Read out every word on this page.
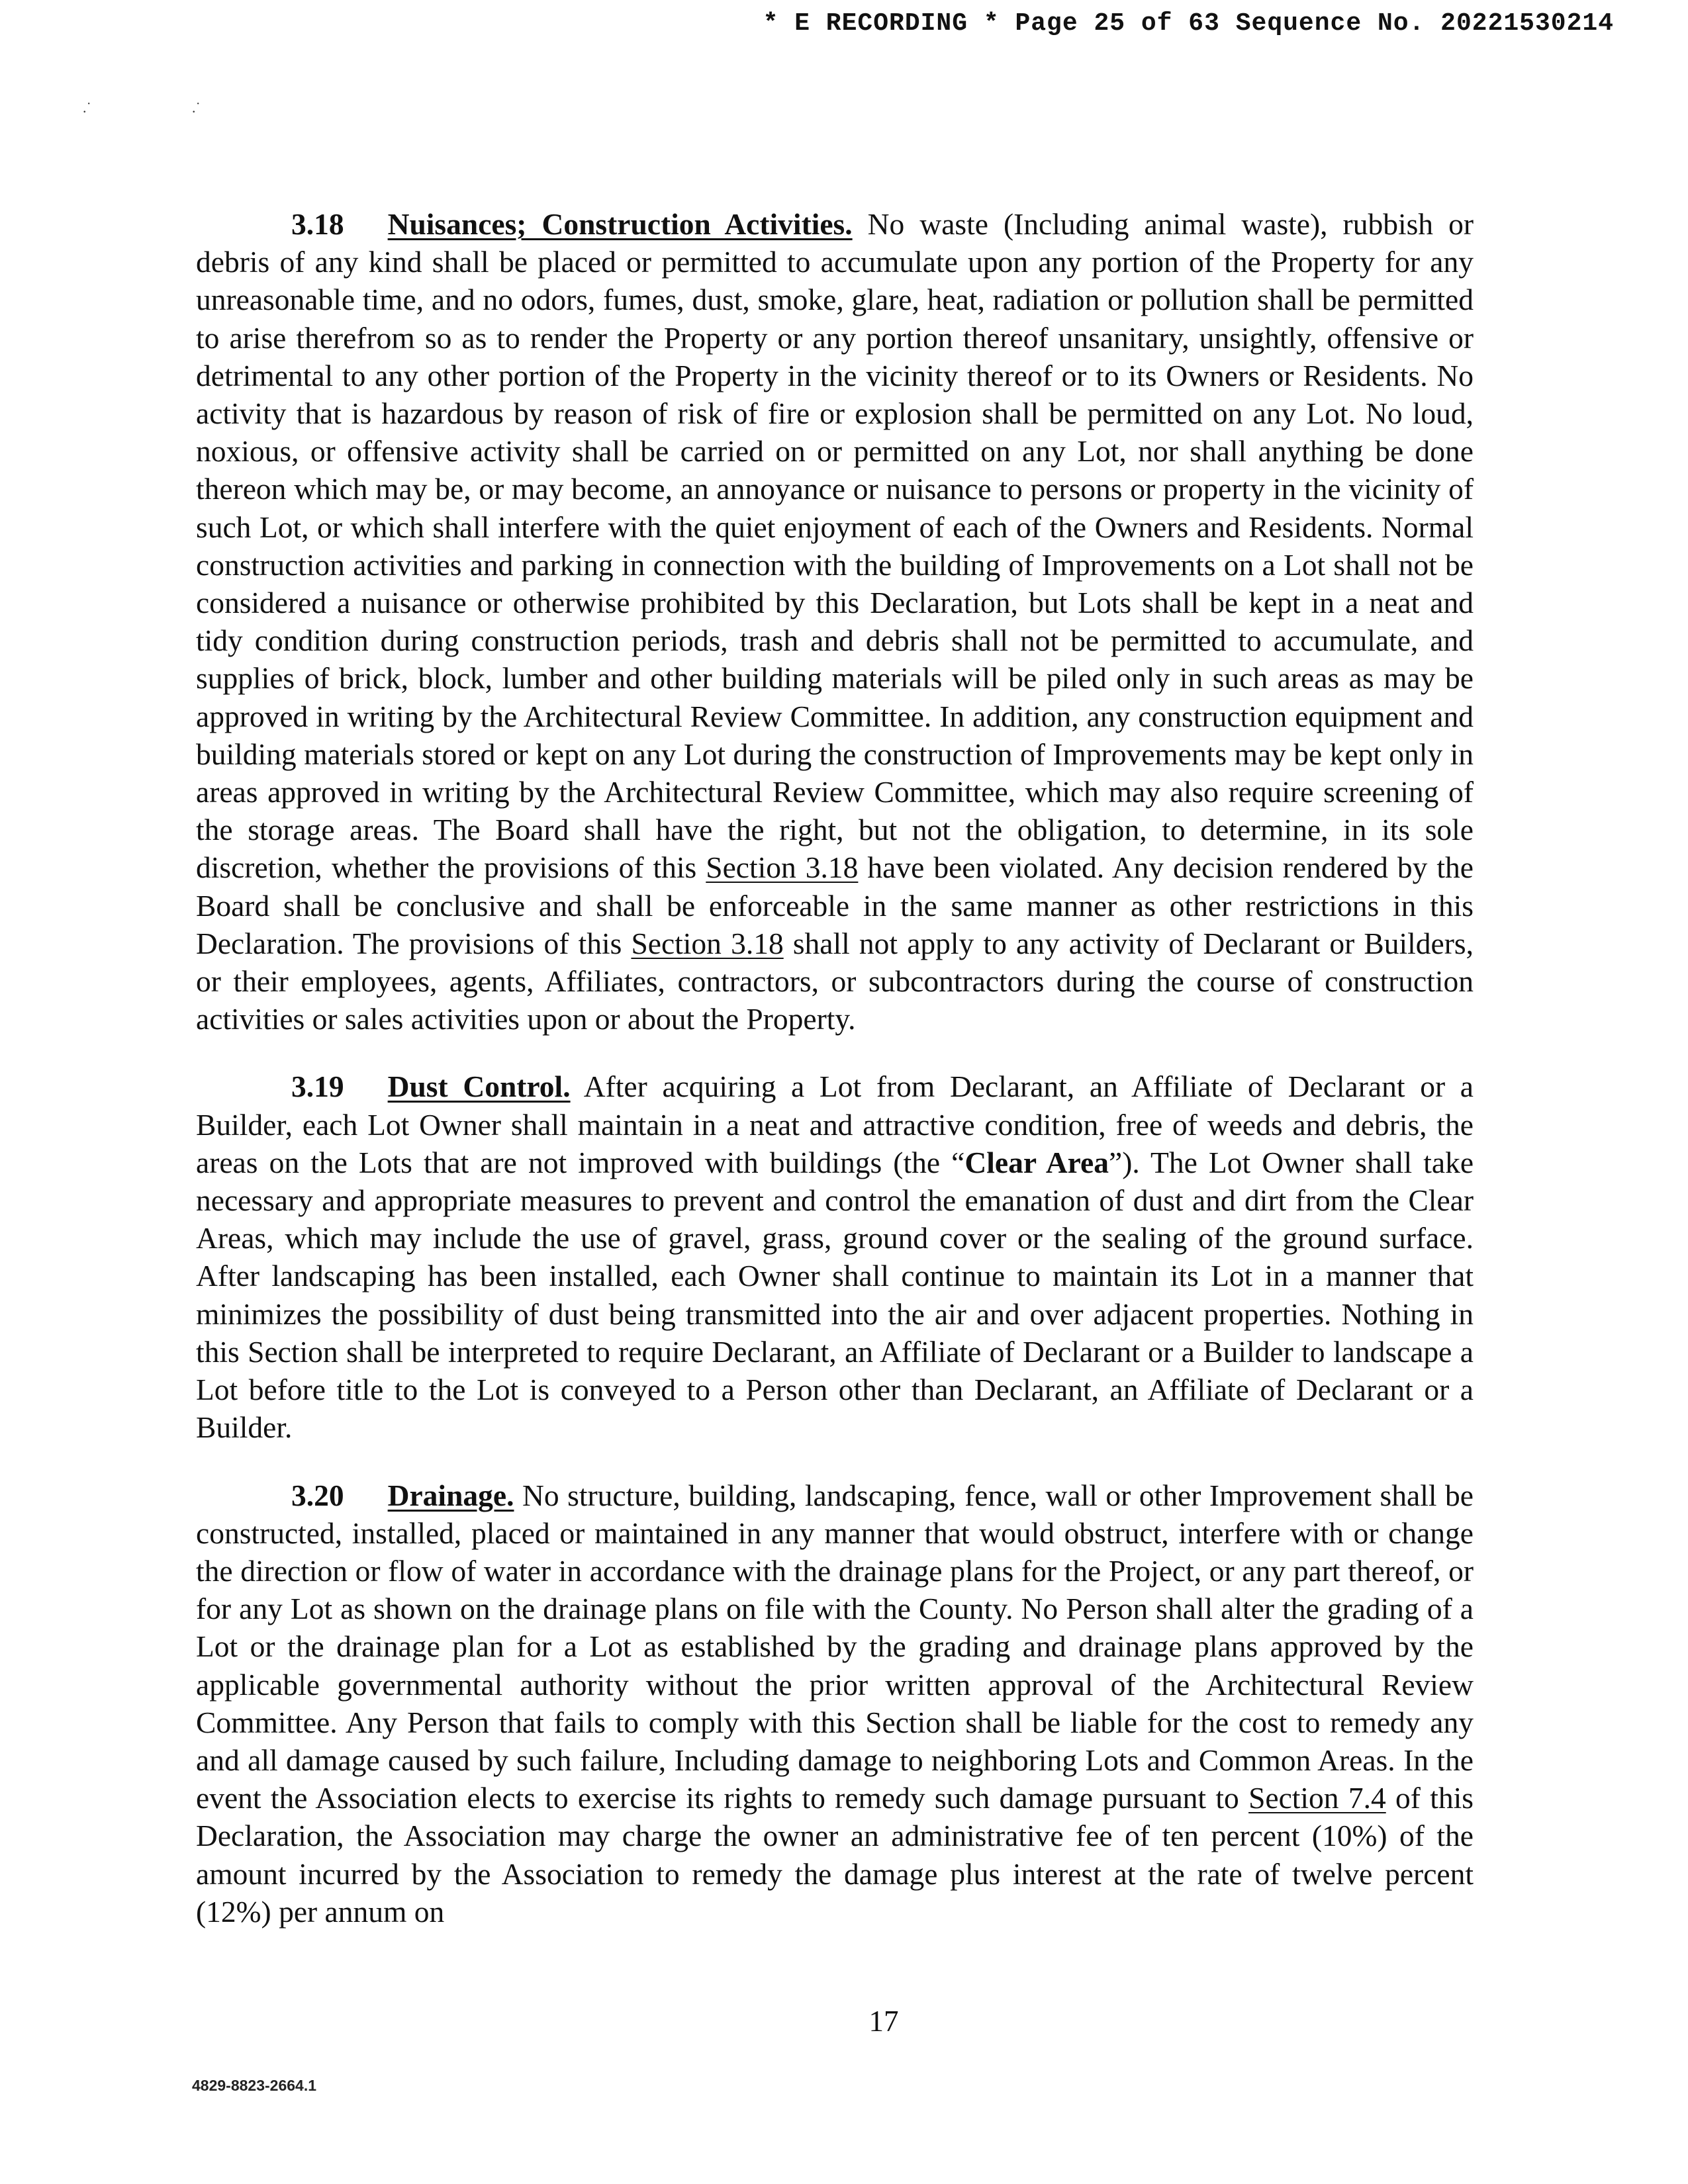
* E RECORDING * Page 25 of 63 Sequence No. 20221530214
.˙	.˙

3.18 Nuisances; Construction Activities. No waste (Including animal waste), rubbish or debris of any kind shall be placed or permitted to accumulate upon any portion of the Property for any unreasonable time, and no odors, fumes, dust, smoke, glare, heat, radiation or pollution shall be permitted to arise therefrom so as to render the Property or any portion thereof unsanitary, unsightly, offensive or detrimental to any other portion of the Property in the vicinity thereof or to its Owners or Residents. No activity that is hazardous by reason of risk of fire or explosion shall be permitted on any Lot. No loud, noxious, or offensive activity shall be carried on or permitted on any Lot, nor shall anything be done thereon which may be, or may become, an annoyance or nuisance to persons or property in the vicinity of such Lot, or which shall interfere with the quiet enjoyment of each of the Owners and Residents. Normal construction activities and parking in connection with the building of Improvements on a Lot shall not be considered a nuisance or otherwise prohibited by this Declaration, but Lots shall be kept in a neat and tidy condition during construction periods, trash and debris shall not be permitted to accumulate, and supplies of brick, block, lumber and other building materials will be piled only in such areas as may be approved in writing by the Architectural Review Committee. In addition, any construction equipment and building materials stored or kept on any Lot during the construction of Improvements may be kept only in areas approved in writing by the Architectural Review Committee, which may also require screening of the storage areas. The Board shall have the right, but not the obligation, to determine, in its sole discretion, whether the provisions of this Section 3.18 have been violated. Any decision rendered by the Board shall be conclusive and shall be enforceable in the same manner as other restrictions in this Declaration. The provisions of this Section 3.18 shall not apply to any activity of Declarant or Builders, or their employees, agents, Affiliates, contractors, or subcontractors during the course of construction activities or sales activities upon or about the Property.

3.19 Dust Control. After acquiring a Lot from Declarant, an Affiliate of Declarant or a Builder, each Lot Owner shall maintain in a neat and attractive condition, free of weeds and debris, the areas on the Lots that are not improved with buildings (the “Clear Area”). The Lot Owner shall take necessary and appropriate measures to prevent and control the emanation of dust and dirt from the Clear Areas, which may include the use of gravel, grass, ground cover or the sealing of the ground surface. After landscaping has been installed, each Owner shall continue to maintain its Lot in a manner that minimizes the possibility of dust being transmitted into the air and over adjacent properties. Nothing in this Section shall be interpreted to require Declarant, an Affiliate of Declarant or a Builder to landscape a Lot before title to the Lot is conveyed to a Person other than Declarant, an Affiliate of Declarant or a Builder.

3.20 Drainage. No structure, building, landscaping, fence, wall or other Improvement shall be constructed, installed, placed or maintained in any manner that would obstruct, interfere with or change the direction or flow of water in accordance with the drainage plans for the Project, or any part thereof, or for any Lot as shown on the drainage plans on file with the County. No Person shall alter the grading of a Lot or the drainage plan for a Lot as established by the grading and drainage plans approved by the applicable governmental authority without the prior written approval of the Architectural Review Committee. Any Person that fails to comply with this Section shall be liable for the cost to remedy any and all damage caused by such failure, Including damage to neighboring Lots and Common Areas. In the event the Association elects to exercise its rights to remedy such damage pursuant to Section 7.4 of this Declaration, the Association may charge the owner an administrative fee of ten percent (10%) of the amount incurred by the Association to remedy the damage plus interest at the rate of twelve percent (12%) per annum on

17
4829-8823-2664.1
